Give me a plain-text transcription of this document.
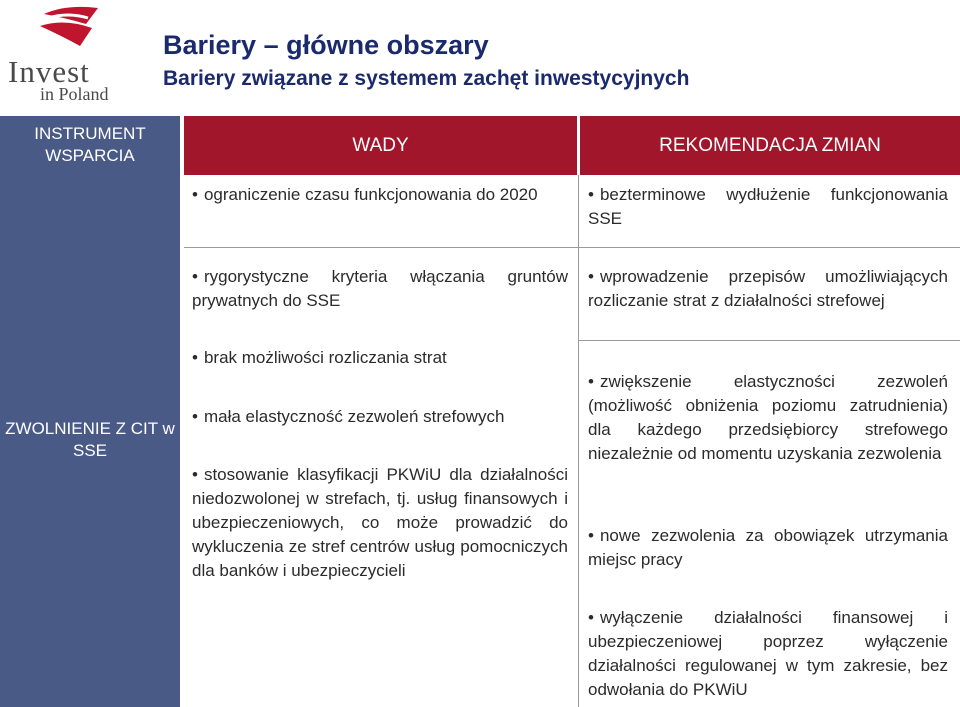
Invest
in Poland
Bariery – główne obszary
Bariery związane z systemem zachęt inwestycyjnych
INSTRUMENT WSPARCIA
ZWOLNIENIE Z CIT w SSE
WADY	REKOMENDACJA ZMIAN
• ograniczenie czasu funkcjonowania do 2020
• rygorystyczne kryteria włączania gruntów prywatnych do SSE
• brak możliwości rozliczania strat
• mała elastyczność zezwoleń strefowych
• stosowanie klasyfikacji PKWiU dla działalności niedozwolonej w strefach, tj. usług finansowych i ubezpieczeniowych, co może prowadzić do wykluczenia ze stref centrów usług pomocniczych dla banków i ubezpieczycieli
• bezterminowe wydłużenie funkcjonowania SSE
• wprowadzenie przepisów umożliwiających rozliczanie strat z działalności strefowej
• zwiększenie elastyczności zezwoleń (możliwość obniżenia poziomu zatrudnienia) dla każdego przedsiębiorcy strefowego niezależnie od momentu uzyskania zezwolenia
• nowe zezwolenia za obowiązek utrzymania miejsc pracy
• wyłączenie działalności finansowej i ubezpieczeniowej poprzez wyłączenie działalności regulowanej w tym zakresie, bez odwołania do PKWiU
